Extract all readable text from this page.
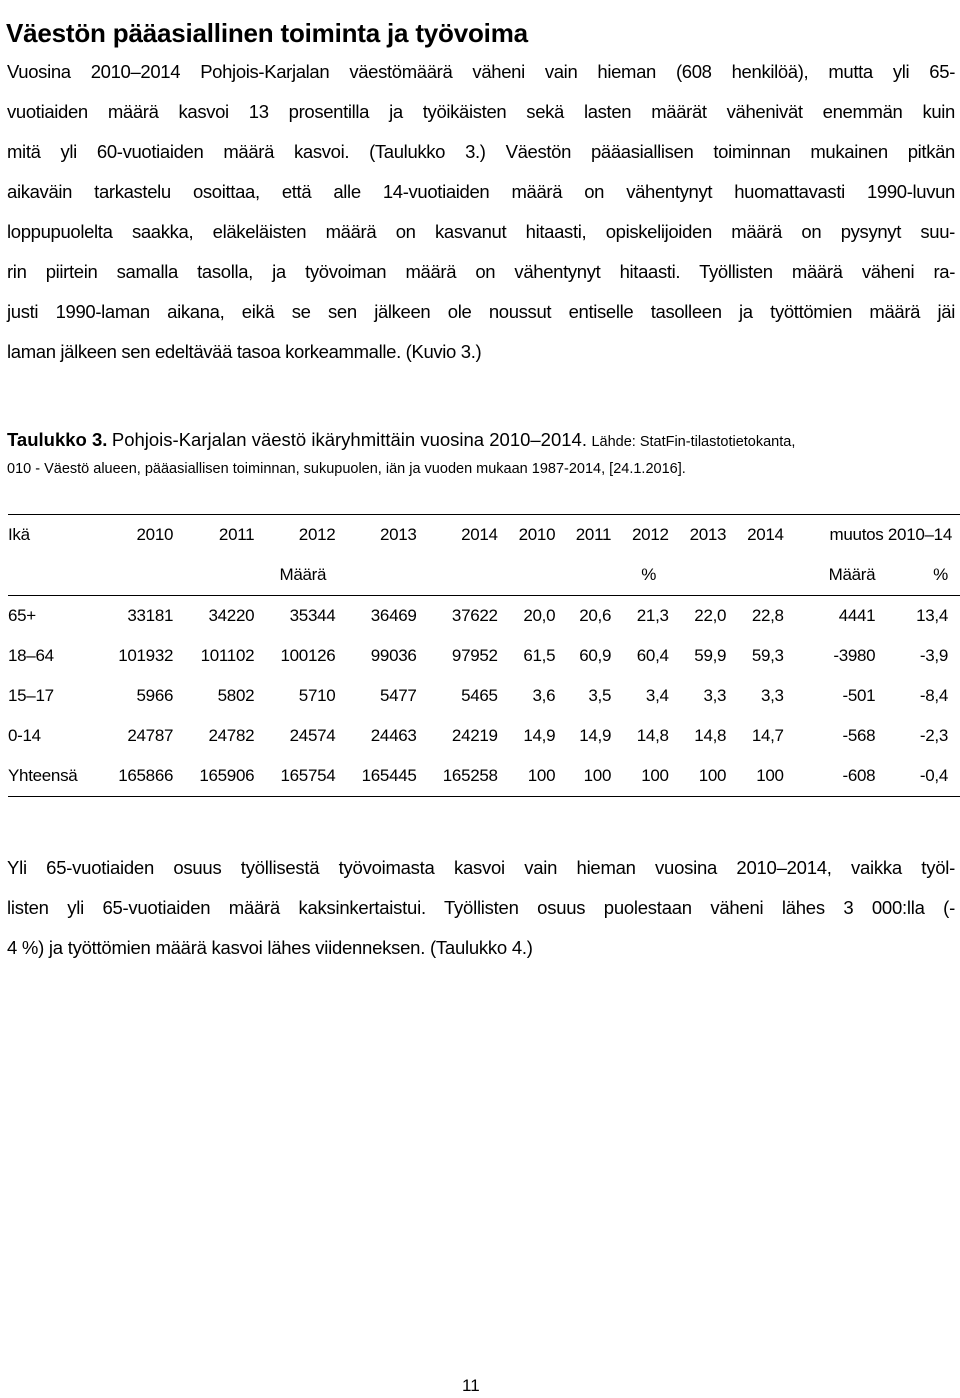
Väestön pääasiallinen toiminta ja työvoima
Vuosina 2010–2014 Pohjois-Karjalan väestömäärä väheni vain hieman (608 henkilöä), mutta yli 65-
vuotiaiden määrä kasvoi 13 prosentilla ja työikäisten sekä lasten määrät vähenivät enemmän kuin
mitä yli 60-vuotiaiden määrä kasvoi. (Taulukko 3.) Väestön pääasiallisen toiminnan mukainen pitkän
aikaväin tarkastelu osoittaa, että alle 14-vuotiaiden määrä on vähentynyt huomattavasti 1990-luvun
loppupuolelta saakka, eläkeläisten määrä on kasvanut hitaasti, opiskelijoiden määrä on pysynyt suu-
rin piirtein samalla tasolla, ja työvoiman määrä on vähentynyt hitaasti. Työllisten määrä väheni ra-
justi 1990-laman aikana, eikä se sen jälkeen ole noussut entiselle tasolleen ja työttömien määrä jäi
laman jälkeen sen edeltävää tasoa korkeammalle. (Kuvio 3.)
Taulukko 3. Pohjois-Karjalan väestö ikäryhmittäin vuosina 2010–2014. Lähde: StatFin-tilastotietokanta,
010 - Väestö alueen, pääasiallisen toiminnan, sukupuolen, iän ja vuoden mukaan 1987-2014, [24.1.2016].
Ikä	2010	2011	2012	2013	2014	2010	2011	2012	2013	2014	muutos 2010–14	
	Määrä					%					Määrä	%
65+	33181	34220	35344	36469	37622	20,0	20,6	21,3	22,0	22,8	4441	13,4
18–64	101932	101102	100126	99036	97952	61,5	60,9	60,4	59,9	59,3	-3980	-3,9
15–17	5966	5802	5710	5477	5465	3,6	3,5	3,4	3,3	3,3	-501	-8,4
0-14	24787	24782	24574	24463	24219	14,9	14,9	14,8	14,8	14,7	-568	-2,3
Yhteensä	165866	165906	165754	165445	165258	100	100	100	100	100	-608	-0,4
Yli 65-vuotiaiden osuus työllisestä työvoimasta kasvoi vain hieman vuosina 2010–2014, vaikka työl-
listen yli 65-vuotiaiden määrä kaksinkertaistui. Työllisten osuus puolestaan väheni lähes 3 000:lla (-
4 %) ja työttömien määrä kasvoi lähes viidenneksen. (Taulukko 4.)
11
